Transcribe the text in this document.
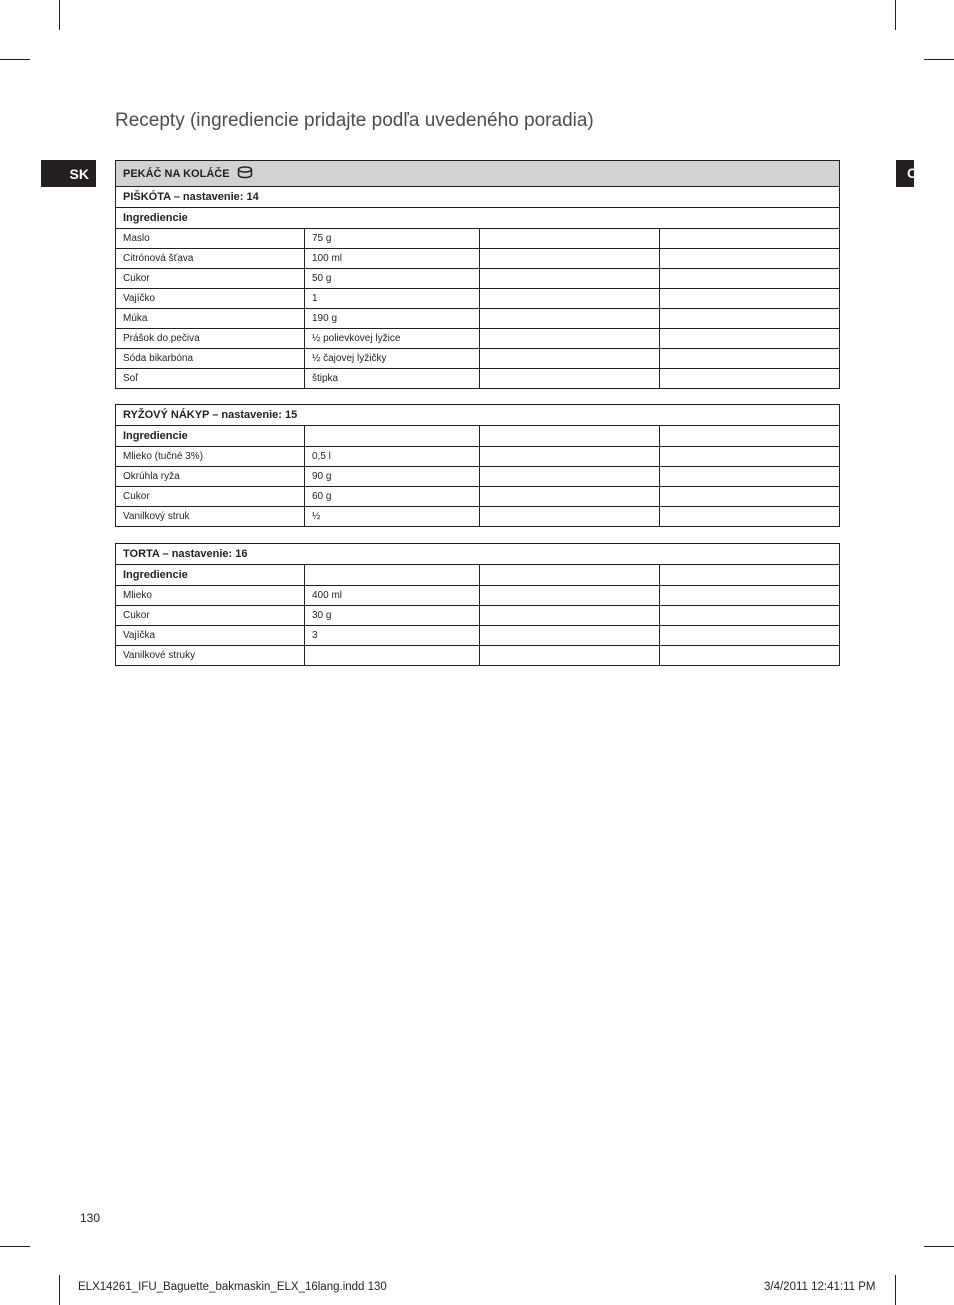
Recepty (ingrediencie pridajte podľa uvedeného poradia)
SK	C
PEKÁČ NA KOLÁČE			
PIŠKÓTA – nastavenie: 14			
Ingrediencie			
Maslo	75 g		
Citrónová šťava	100 ml		
Cukor	50 g		
Vajíčko	1		
Múka	190 g		
Prášok do pečiva	½ polievkovej lyžice		
Sóda bikarbóna	½ čajovej lyžičky		
Soľ	štipka		
RYŽOVÝ NÁKYP – nastavenie: 15			
Ingrediencie			
Mlieko (tučné 3%)	0,5 l		
Okrúhla ryža	90 g		
Cukor	60 g		
Vanilkový struk	½		
TORTA – nastavenie: 16			
Ingrediencie			
Mlieko	400 ml		
Cukor	30 g		
Vajíčka	3		
Vanilkové struky			
130
ELX14261_IFU_Baguette_bakmaskin_ELX_16lang.indd 130	3/4/2011 12:41:11 PM
